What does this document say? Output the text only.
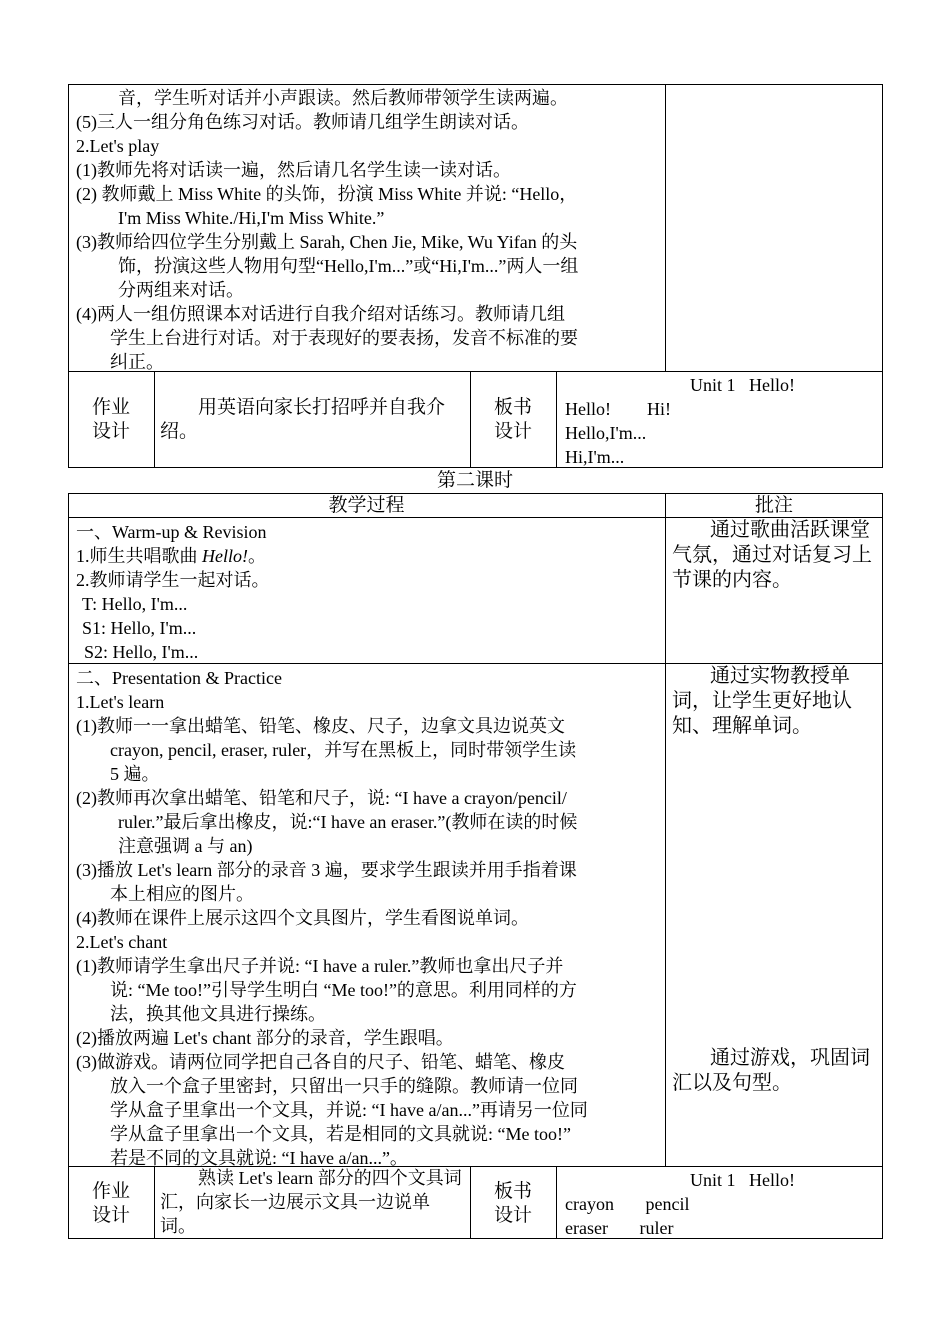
音，学生听对话并小声跟读。然后教师带领学生读两遍。
(5)三人一组分角色练习对话。教师请几组学生朗读对话。
2.Let's play
(1)教师先将对话读一遍，然后请几名学生读一读对话。
(2) 教师戴上 Miss White 的头饰，扮演 Miss White 并说: “Hello，
I'm Miss White./Hi,I'm Miss White.”
(3)教师给四位学生分别戴上 Sarah, Chen Jie, Mike, Wu Yifan 的头
饰，扮演这些人物用句型“Hello,I'm...”或“Hi,I'm...”两人一组
分两组来对话。
(4)两人一组仿照课本对话进行自我介绍对话练习。教师请几组
学生上台进行对话。对于表现好的要表扬，发音不标准的要
纠正。
作业设计
用英语向家长打招呼并自我介绍。
板书设计
Unit 1   Hello!
Hello!        Hi!
Hello,I'm...
Hi,I'm...
第二课时
教学过程	批注
一、Warm-up & Revision
1.师生共唱歌曲 Hello!。
2.教师请学生一起对话。
T: Hello, I'm...
S1: Hello, I'm...
S2: Hello, I'm...
通过歌曲活跃课堂气氛，通过对话复习上节课的内容。
二、Presentation & Practice
1.Let's learn
(1)教师一一拿出蜡笔、铅笔、橡皮、尺子，边拿文具边说英文
crayon, pencil, eraser, ruler，并写在黑板上，同时带领学生读
5 遍。
(2)教师再次拿出蜡笔、铅笔和尺子，说: “I have a crayon/pencil/
ruler.”最后拿出橡皮，说:“I have an eraser.”(教师在读的时候
注意强调 a 与 an)
(3)播放 Let's learn 部分的录音 3 遍，要求学生跟读并用手指着课
本上相应的图片。
(4)教师在课件上展示这四个文具图片，学生看图说单词。
2.Let's chant
(1)教师请学生拿出尺子并说: “I have a ruler.”教师也拿出尺子并
说: “Me too!”引导学生明白 “Me too!”的意思。利用同样的方
法，换其他文具进行操练。
(2)播放两遍 Let's chant 部分的录音，学生跟唱。
(3)做游戏。请两位同学把自己各自的尺子、铅笔、蜡笔、橡皮
放入一个盒子里密封，只留出一只手的缝隙。教师请一位同
学从盒子里拿出一个文具，并说: “I have a/an...”再请另一位同
学从盒子里拿出一个文具，若是相同的文具就说: “Me too!”
若是不同的文具就说: “I have a/an...”。
通过实物教授单词，让学生更好地认知、理解单词。
通过游戏，巩固词汇以及句型。
作业设计
熟读 Let's learn 部分的四个文具词汇，向家长一边展示文具一边说单词。
板书设计
Unit 1   Hello!
crayon       pencil
eraser       ruler
